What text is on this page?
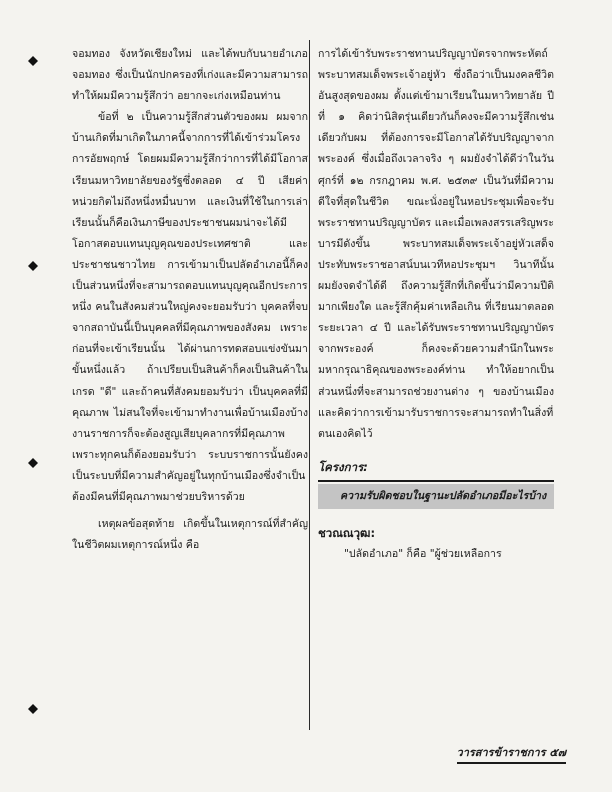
จอมทอง จังหวัดเชียงใหม่ และได้พบกับนายอำเภอจอมทอง ซึ่งเป็นนักปกครองที่เก่งและมีความสามารถ ทำให้ผมมีความรู้สึกว่า อยากจะเก่งเหมือนท่าน

ข้อที่ ๒ เป็นความรู้สึกส่วนตัวของผม ผมจากบ้านเกิดที่มาเกิดในภาคนี้จากการที่ได้เข้าร่วมโครงการอัยพฤกษ์ โดยผมมีความรู้สึกว่าการที่ได้มีโอกาสเรียนมหาวิทยาลัยของรัฐซึ่งตลอด ๔ ปี เสียค่าหน่วยกิตไม่ถึงหนึ่งหมื่นบาท และเงินที่ใช้ในการเล่าเรียนนั้นก็คือเงินภาษีของประชาชนผมน่าจะได้มีโอกาสตอบแทนบุญคุณของประเทศชาติ และประชาชนชาวไทย การเข้ามาเป็นปลัดอำเภอนี้ก็คงเป็นส่วนหนึ่งที่จะสามารถตอบแทนบุญคุณอีกประการหนึ่ง คนในสังคมส่วนใหญ่คงจะยอมรับว่า บุคคลที่จบจากสถาบันนี้เป็นบุคคลที่มีคุณภาพของสังคม เพราะก่อนที่จะเข้าเรียนนั้น ได้ผ่านการทดสอบแข่งขันมาขั้นหนึ่งแล้ว ถ้าเปรียบเป็นสินค้าก็คงเป็นสินค้าในเกรด "ดี" และถ้าคนที่สังคมยอมรับว่า เป็นบุคคลที่มีคุณภาพ ไม่สนใจที่จะเข้ามาทำงานเพื่อบ้านเมืองบ้าง งานราชการก็จะต้องสูญเสียบุคลากรที่มีคุณภาพ เพราะทุกคนก็ต้องยอมรับว่า ระบบราชการนั้นยังคงเป็นระบบที่มีความสำคัญอยู่ในทุกบ้านเมืองซึ่งจำเป็นต้องมีคนที่มีคุณภาพมาช่วยบริหารด้วย

เหตุผลข้อสุดท้าย เกิดขึ้นในเหตุการณ์ที่สำคัญในชีวิตผมเหตุการณ์หนึ่ง คือ

การได้เข้ารับพระราชทานปริญญาบัตรจากพระหัตถ์ พระบาทสมเด็จพระเจ้าอยู่หัว ซึ่งถือว่าเป็นมงคลชีวิตอันสูงสุดของผม ตั้งแต่เข้ามาเรียนในมหาวิทยาลัย ปีที่ ๑ คิดว่านิสิตรุ่นเดียวกันก็คงจะมีความรู้สึกเช่นเดียวกับผม ที่ต้องการจะมีโอกาสได้รับปริญญาจากพระองค์ ซึ่งเมื่อถึงเวลาจริง ๆ ผมยังจำได้ดีว่าในวันศุกร์ที่ ๑๒ กรกฎาคม พ.ศ. ๒๕๓๙ เป็นวันที่มีความดีใจที่สุดในชีวิต ขณะนั่งอยู่ในหอประชุมเพื่อจะรับพระราชทานปริญญาบัตร และเมื่อเพลงสรรเสริญพระบารมีดังขึ้น พระบาทสมเด็จพระเจ้าอยู่หัวเสด็จประทับพระราชอาสน์บนเวทีหอประชุมฯ วินาทีนั้น ผมยังจดจำได้ดี ถึงความรู้สึกที่เกิดขึ้นว่ามีความปีติมากเพียงใด และรู้สึกคุ้มค่าเหลือเกิน ที่เรียนมาตลอดระยะเวลา ๔ ปี และได้รับพระราชทานปริญญาบัตรจากพระองค์ ก็คงจะด้วยความสำนึกในพระมหากรุณาธิคุณของพระองค์ท่าน ทำให้อยากเป็นส่วนหนึ่งที่จะสามารถช่วยงานต่าง ๆ ของบ้านเมือง และคิดว่าการเข้ามารับราชการจะสามารถทำในสิ่งที่ตนเองคิดไว้

โครงการ:

ความรับผิดชอบในฐานะปลัดอำเภอมีอะไรบ้าง

ชวณณวุฒ:

"ปลัดอำเภอ" ก็คือ "ผู้ช่วยเหลือการ

วารสารข้าราชการ ๕๗
